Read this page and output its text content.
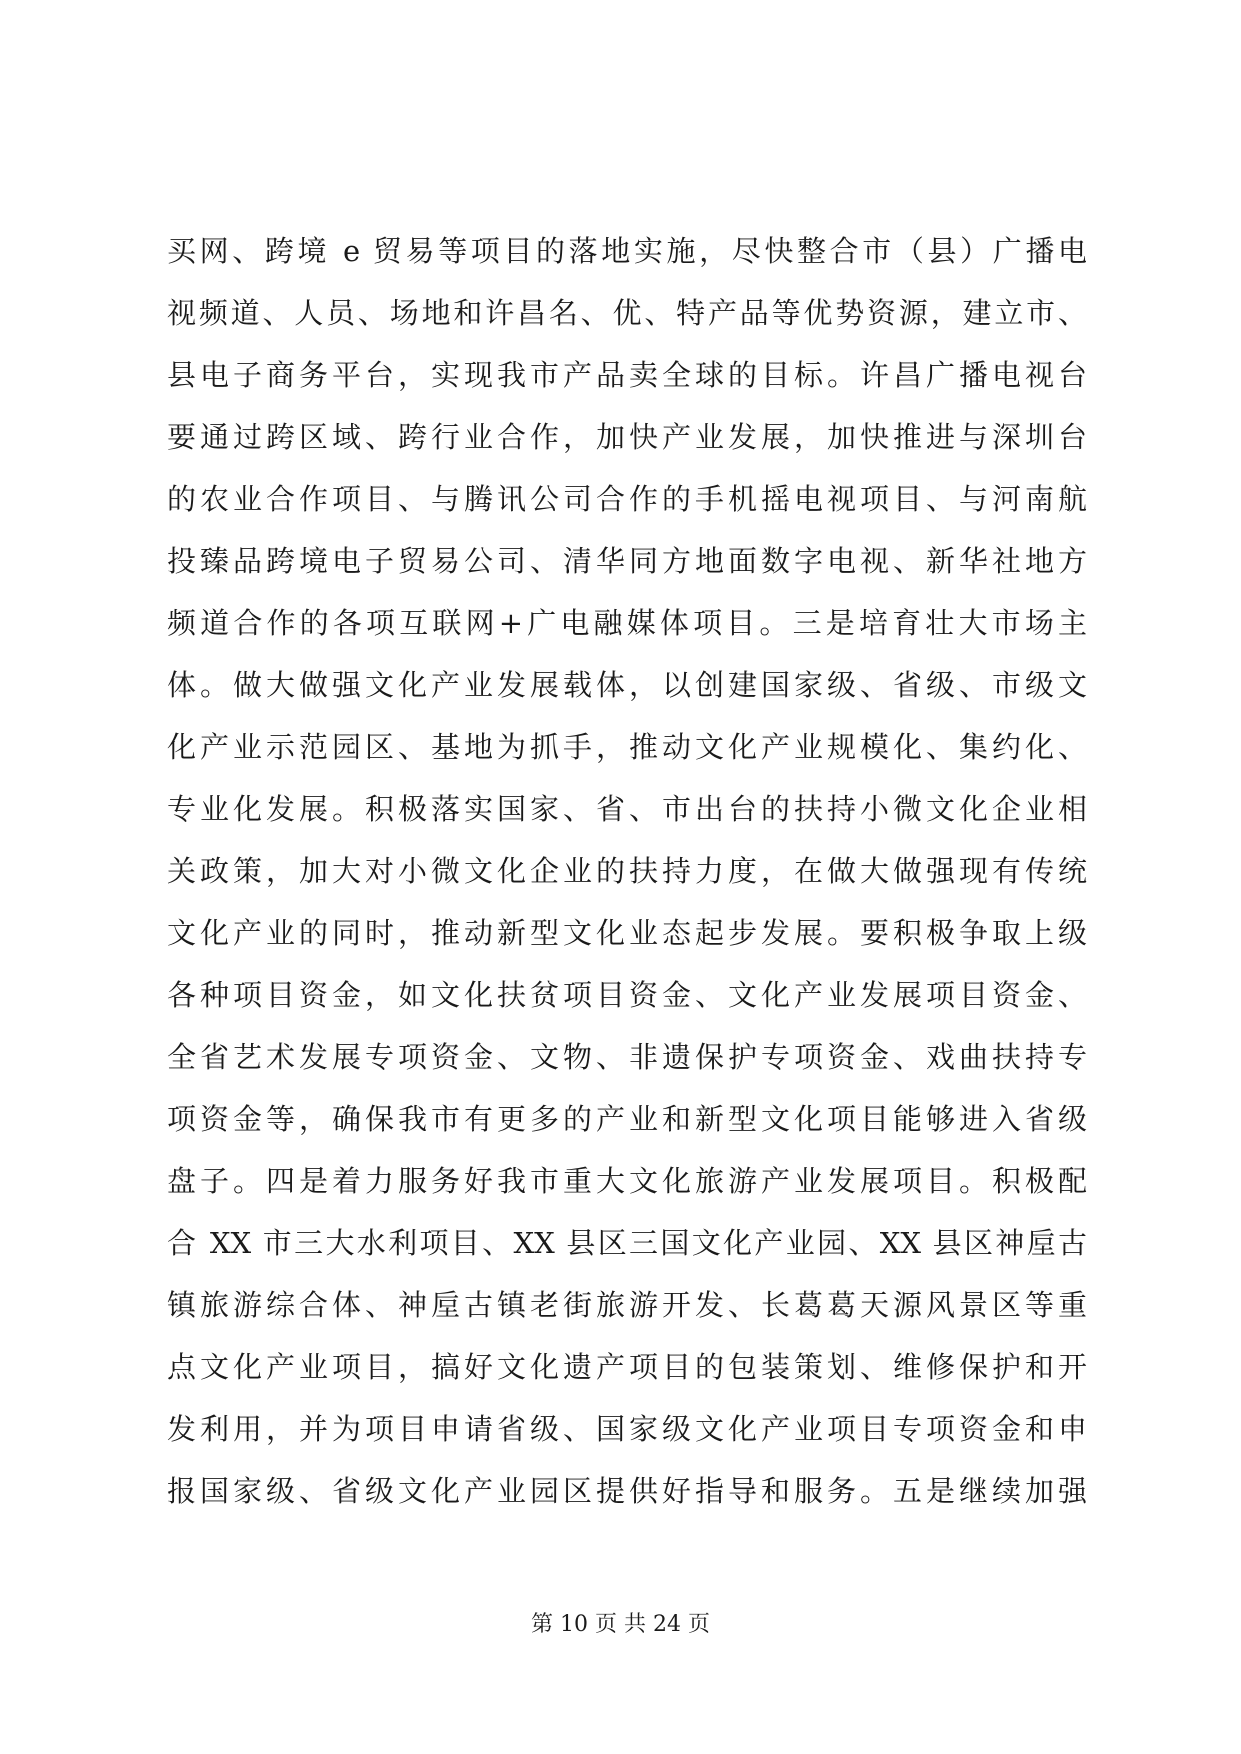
买网、跨境 e 贸易等项目的落地实施，尽快整合市（县）广播电
视频道、人员、场地和许昌名、优、特产品等优势资源，建立市、
县电子商务平台，实现我市产品卖全球的目标。许昌广播电视台
要通过跨区域、跨行业合作，加快产业发展，加快推进与深圳台
的农业合作项目、与腾讯公司合作的手机摇电视项目、与河南航
投臻品跨境电子贸易公司、清华同方地面数字电视、新华社地方
频道合作的各项互联网+广电融媒体项目。三是培育壮大市场主
体。做大做强文化产业发展载体，以创建国家级、省级、市级文
化产业示范园区、基地为抓手，推动文化产业规模化、集约化、
专业化发展。积极落实国家、省、市出台的扶持小微文化企业相
关政策，加大对小微文化企业的扶持力度，在做大做强现有传统
文化产业的同时，推动新型文化业态起步发展。要积极争取上级
各种项目资金，如文化扶贫项目资金、文化产业发展项目资金、
全省艺术发展专项资金、文物、非遗保护专项资金、戏曲扶持专
项资金等，确保我市有更多的产业和新型文化项目能够进入省级
盘子。四是着力服务好我市重大文化旅游产业发展项目。积极配
合 XX 市三大水利项目、XX 县区三国文化产业园、XX 县区神垕古
镇旅游综合体、神垕古镇老街旅游开发、长葛葛天源风景区等重
点文化产业项目，搞好文化遗产项目的包装策划、维修保护和开
发利用，并为项目申请省级、国家级文化产业项目专项资金和申
报国家级、省级文化产业园区提供好指导和服务。五是继续加强
第 10 页 共 24 页
